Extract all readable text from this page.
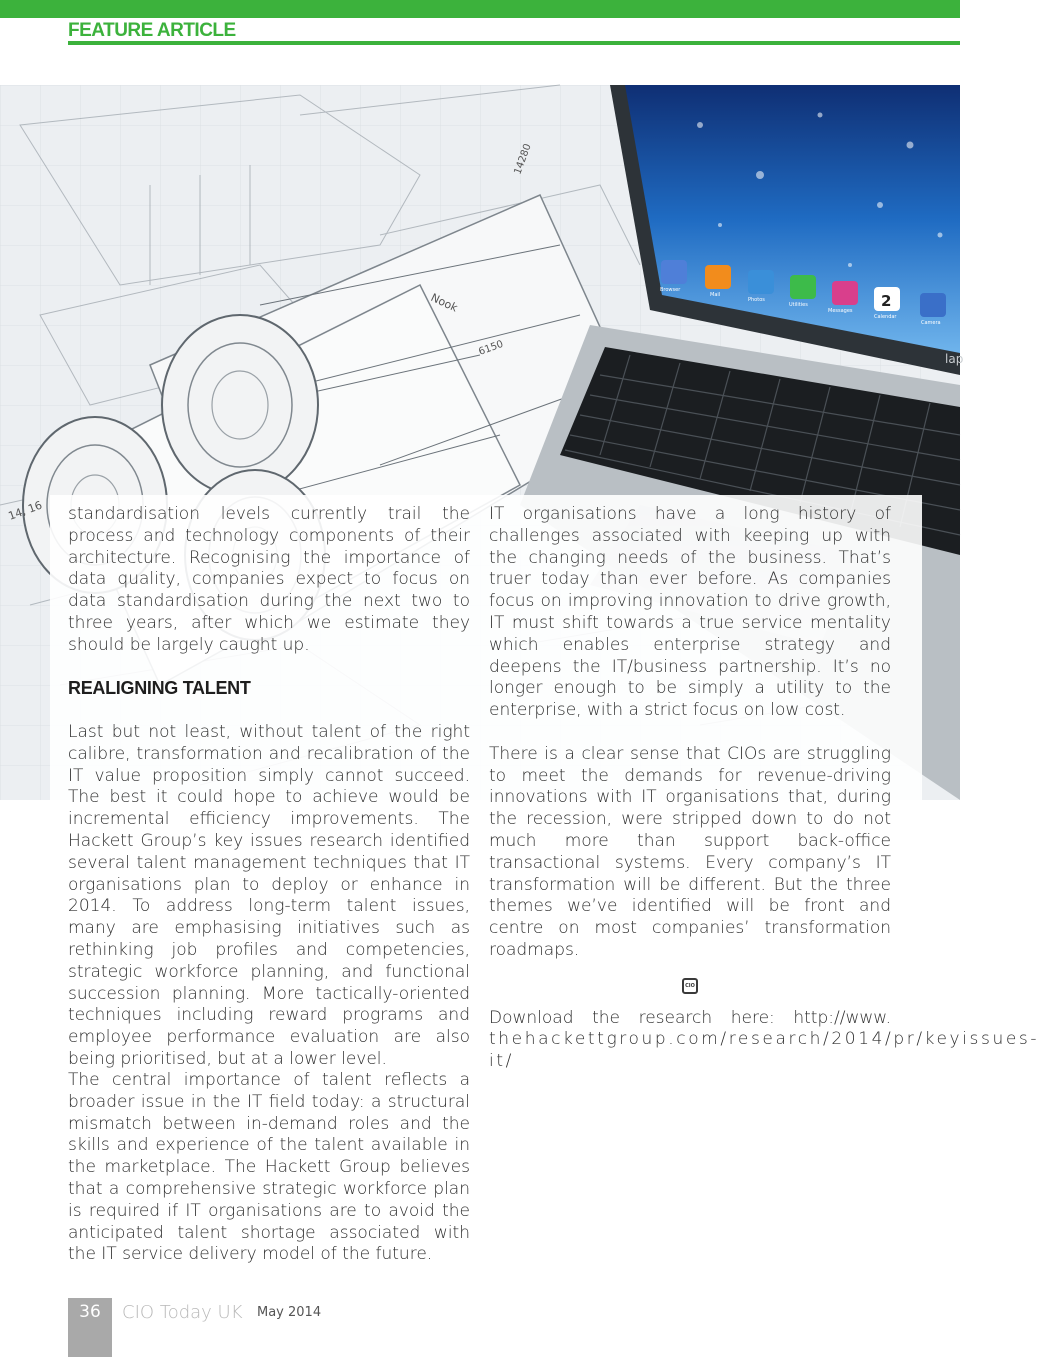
FEATURE ARTICLE
Nook
6150
14280
14, 16
2
Browser
Mail
Photos
Utilities
Messages
Calendar
Camera
lap

standardisation levels currently trail the process and technology components of their architecture. Recognising the importance of data quality, companies expect to focus on data standardisation during the next two to three years, after which we estimate they should be largely caught up.

REALIGNING TALENT

Last but not least, without talent of the right calibre, transformation and recalibration of the IT value proposition simply cannot succeed. The best it could hope to achieve would be incremental efficiency improvements. The Hackett Group’s key issues research identified several talent management techniques that IT organisations plan to deploy or enhance in 2014. To address long-term talent issues, many are emphasising initiatives such as rethinking job profiles and competencies, strategic workforce planning, and functional succession planning. More tactically-oriented techniques including reward programs and employee performance evaluation are also being prioritised, but at a lower level.

The central importance of talent reflects a broader issue in the IT field today: a structural mismatch between in-demand roles and the skills and experience of the talent available in the marketplace. The Hackett Group believes that a comprehensive strategic workforce plan is required if IT organisations are to avoid the anticipated talent shortage associated with the IT service delivery model of the future.

IT organisations have a long history of challenges associated with keeping up with the changing needs of the business. That’s truer today than ever before. As companies focus on improving innovation to drive growth, IT must shift towards a true service mentality which enables enterprise strategy and deepens the IT/business partnership. It’s no longer enough to be simply a utility to the enterprise, with a strict focus on low cost.

There is a clear sense that CIOs are struggling to meet the demands for revenue-driving innovations with IT organisations that, during the recession, were stripped down to do not much more than support back-office transactional systems. Every company’s IT transformation will be different. But the three themes we’ve identified will be front and centre on most companies’ transformation roadmaps.

CIO

Download the research here: http://www. thehackettgroup.com/research/2014/pr/keyissues-it/

36	CIO Today UK May 2014
